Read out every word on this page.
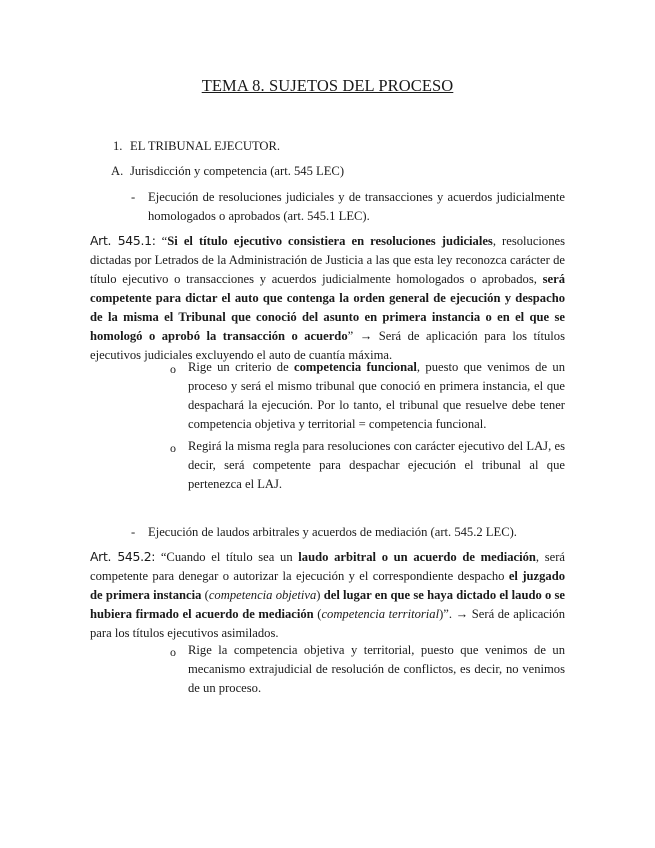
TEMA 8. SUJETOS DEL PROCESO
1. EL TRIBUNAL EJECUTOR.
A. Jurisdicción y competencia (art. 545 LEC)
- Ejecución de resoluciones judiciales y de transacciones y acuerdos judicialmente homologados o aprobados (art. 545.1 LEC).
Art. 545.1: “Si el título ejecutivo consistiera en resoluciones judiciales, resoluciones dictadas por Letrados de la Administración de Justicia a las que esta ley reconozca carácter de título ejecutivo o transacciones y acuerdos judicialmente homologados o aprobados, será competente para dictar el auto que contenga la orden general de ejecución y despacho de la misma el Tribunal que conoció del asunto en primera instancia o en el que se homologó o aprobó la transacción o acuerdo” → Será de aplicación para los títulos ejecutivos judiciales excluyendo el auto de cuantía máxima.
o Rige un criterio de competencia funcional, puesto que venimos de un proceso y será el mismo tribunal que conoció en primera instancia, el que despachará la ejecución. Por lo tanto, el tribunal que resuelve debe tener competencia objetiva y territorial = competencia funcional.
o Regirá la misma regla para resoluciones con carácter ejecutivo del LAJ, es decir, será competente para despachar ejecución el tribunal al que pertenezca el LAJ.
- Ejecución de laudos arbitrales y acuerdos de mediación (art. 545.2 LEC).
Art. 545.2: “Cuando el título sea un laudo arbitral o un acuerdo de mediación, será competente para denegar o autorizar la ejecución y el correspondiente despacho el juzgado de primera instancia (competencia objetiva) del lugar en que se haya dictado el laudo o se hubiera firmado el acuerdo de mediación (competencia territorial)”. → Será de aplicación para los títulos ejecutivos asimilados.
o Rige la competencia objetiva y territorial, puesto que venimos de un mecanismo extrajudicial de resolución de conflictos, es decir, no venimos de un proceso.
